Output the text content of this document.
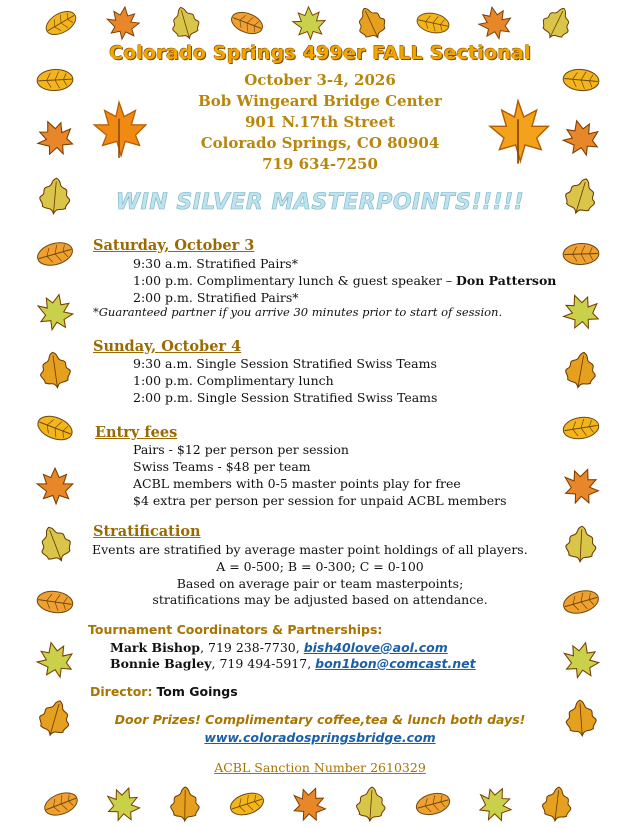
Colorado Springs 499er FALL Sectional
October 3-4, 2026
Bob Wingeard Bridge Center
901 N.17th Street
Colorado Springs, CO 80904
719 634-7250
WIN SILVER MASTERPOINTS!!!!!
Saturday, October 3
9:30 a.m. Stratified Pairs*
1:00 p.m. Complimentary lunch & guest speaker – Don Patterson
2:00 p.m. Stratified Pairs*
*Guaranteed partner if you arrive 30 minutes prior to start of session.
Sunday, October 4
9:30 a.m. Single Session Stratified Swiss Teams
1:00 p.m. Complimentary lunch
2:00 p.m. Single Session Stratified Swiss Teams
Entry fees
Pairs - $12 per person per session
Swiss Teams - $48 per team
ACBL members with 0-5 master points play for free
$4 extra per person per session for unpaid ACBL members
Stratification
Events are stratified by average master point holdings of all players.
A = 0-500; B = 0-300; C = 0-100
Based on average pair or team masterpoints;
stratifications may be adjusted based on attendance.
Tournament Coordinators & Partnerships:
Mark Bishop, 719 238-7730, bish40love@aol.com
Bonnie Bagley, 719 494-5917, bon1bon@comcast.net
Director: Tom Goings
Door Prizes! Complimentary coffee,tea & lunch both days!
www.coloradospringsbridge.com
ACBL Sanction Number 2610329
